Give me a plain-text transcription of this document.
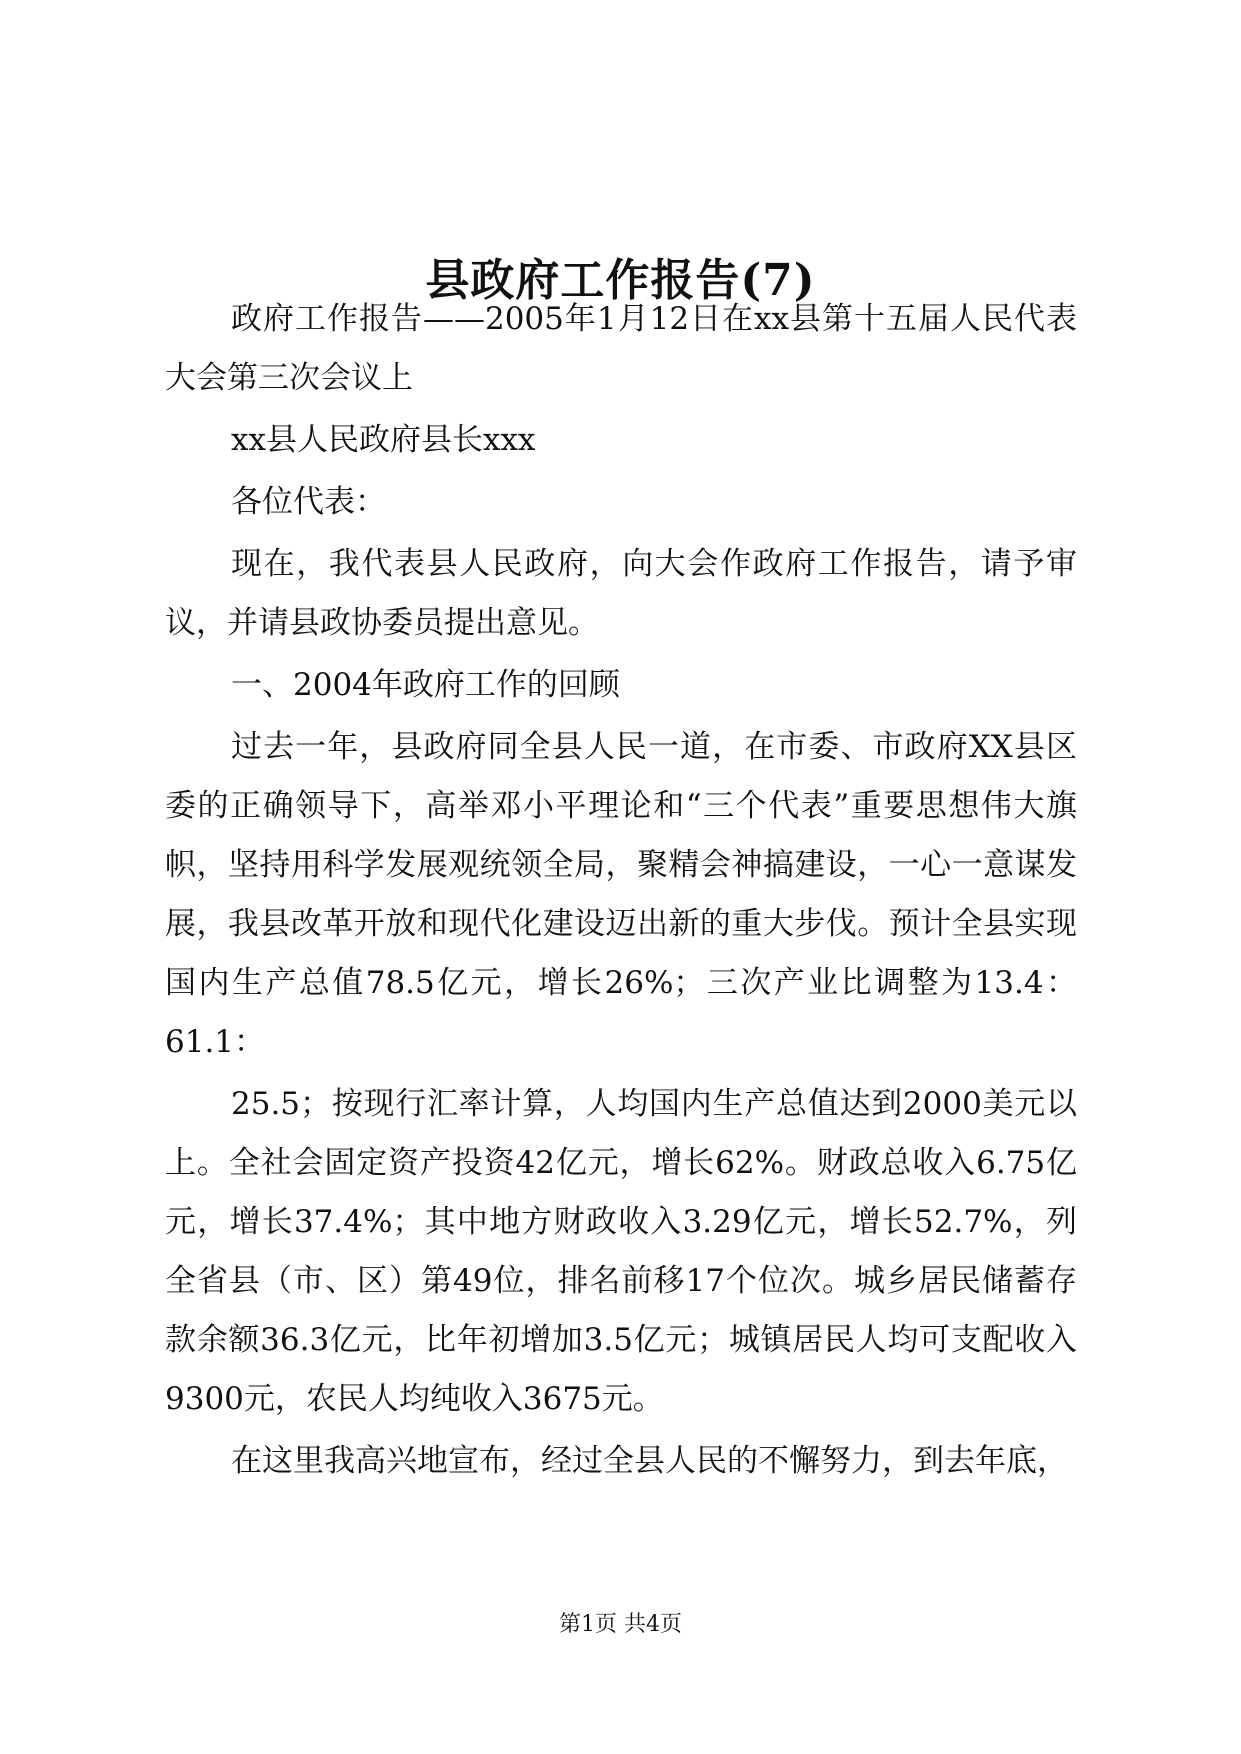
县政府工作报告(7)

政府工作报告——2005年1月12日在xx县第十五届人民代表大会第三次会议上

xx县人民政府县长xxx

各位代表：

现在，我代表县人民政府，向大会作政府工作报告，请予审议，并请县政协委员提出意见。

一、2004年政府工作的回顾

过去一年，县政府同全县人民一道，在市委、市政府XX县区委的正确领导下，高举邓小平理论和“三个代表”重要思想伟大旗帜，坚持用科学发展观统领全局，聚精会神搞建设，一心一意谋发展，我县改革开放和现代化建设迈出新的重大步伐。预计全县实现国内生产总值78.5亿元，增长26%；三次产业比调整为13.4：61.1：

25.5；按现行汇率计算，人均国内生产总值达到2000美元以上。全社会固定资产投资42亿元，增长62%。财政总收入6.75亿元，增长37.4%；其中地方财政收入3.29亿元，增长52.7%，列全省县（市、区）第49位，排名前移17个位次。城乡居民储蓄存款余额36.3亿元，比年初增加3.5亿元；城镇居民人均可支配收入9300元，农民人均纯收入3675元。

在这里我高兴地宣布，经过全县人民的不懈努力，到去年底，

第1页 共4页
